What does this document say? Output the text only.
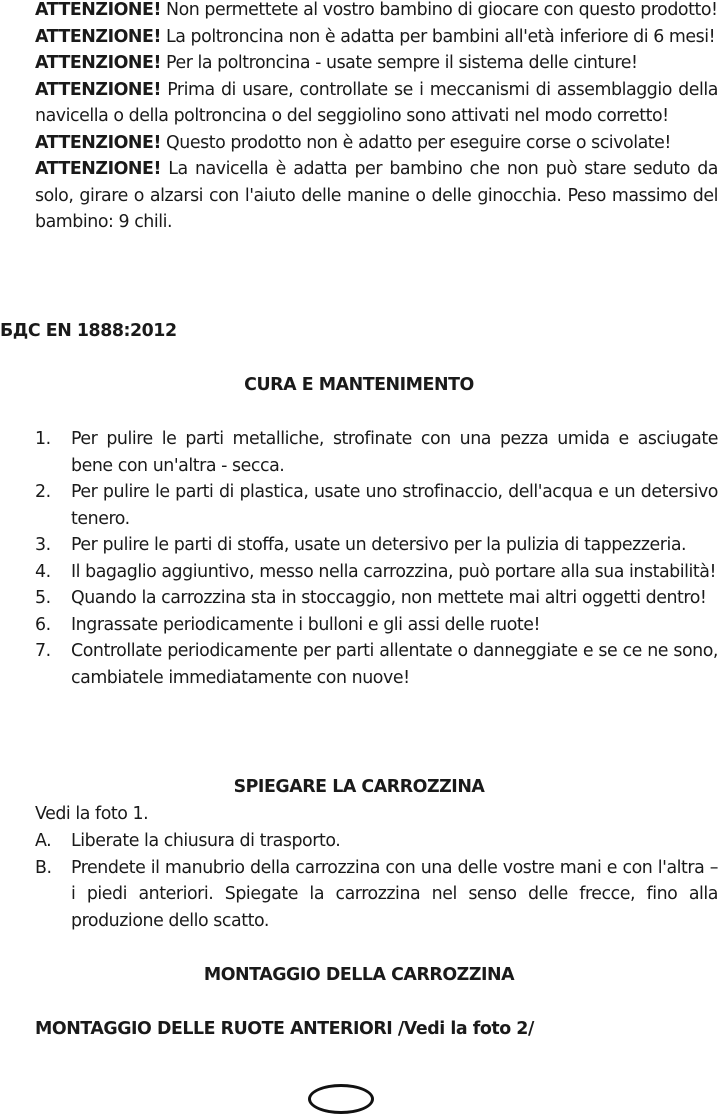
ATTENZIONE! Non permettete al vostro bambino di giocare con questo prodotto!

ATTENZIONE! La poltroncina non è adatta per bambini all'età inferiore di 6 mesi!

ATTENZIONE! Per la poltroncina - usate sempre il sistema delle cinture!

ATTENZIONE! Prima di usare, controllate se i meccanismi di assemblaggio della navicella o della poltroncina o del seggiolino sono attivati nel modo corretto!

ATTENZIONE! Questo prodotto non è adatto per eseguire corse o scivolate!

ATTENZIONE! La navicella è adatta per bambino che non può stare seduto da solo, girare o alzarsi con l'aiuto delle manine o delle ginocchia. Peso massimo del bambino: 9 chili.

БДС EN 1888:2012
CURA E MANTENIMENTO
1. Per pulire le parti metalliche, strofinate con una pezza umida e asciugate bene con un'altra - secca.
2. Per pulire le parti di plastica, usate uno strofinaccio, dell'acqua e un detersivo tenero.
3. Per pulire le parti di stoffa, usate un detersivo per la pulizia di tappezzeria.
4. Il bagaglio aggiuntivo, messo nella carrozzina, può portare alla sua instabilità!
5. Quando la carrozzina sta in stoccaggio, non mettete mai altri oggetti dentro!
6. Ingrassate periodicamente i bulloni e gli assi delle ruote!
7. Controllate periodicamente per parti allentate o danneggiate e se ce ne sono, cambiatele immediatamente con nuove!
SPIEGARE LA CARROZZINA
Vedi la foto 1.
A. Liberate la chiusura di trasporto.
B. Prendete il manubrio della carrozzina con una delle vostre mani e con l'altra – i piedi anteriori. Spiegate la carrozzina nel senso delle frecce, fino alla produzione dello scatto.
MONTAGGIO DELLA CARROZZINA
MONTAGGIO DELLE RUOTE ANTERIORI /Vedi la foto 2/
